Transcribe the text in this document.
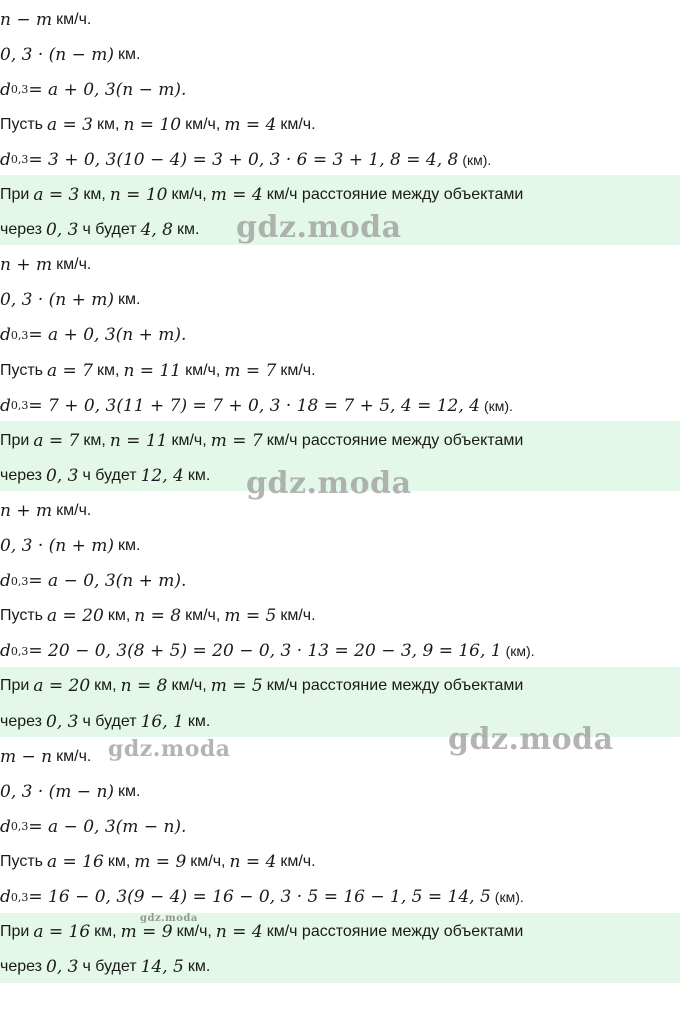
n − m км/ч.
0, 3 · (n − m) км.
d 0,3 = a + 0, 3(n − m).
Пусть a = 3 км, n = 10 км/ч, m = 4 км/ч.
d 0,3 = 3 + 0, 3(10 − 4) = 3 + 0, 3 · 6 = 3 + 1, 8 = 4, 8 (км).
При a = 3 км, n = 10 км/ч, m = 4 км/ч расстояние между объектами
через 0, 3 ч будет 4, 8 км.
n + m км/ч.
0, 3 · (n + m) км.
d 0,3 = a + 0, 3(n + m).
Пусть a = 7 км, n = 11 км/ч, m = 7 км/ч.
d 0,3 = 7 + 0, 3(11 + 7) = 7 + 0, 3 · 18 = 7 + 5, 4 = 12, 4 (км).
При a = 7 км, n = 11 км/ч, m = 7 км/ч расстояние между объектами
через 0, 3 ч будет 12, 4 км.
n + m км/ч.
0, 3 · (n + m) км.
d 0,3 = a − 0, 3(n + m).
Пусть a = 20 км, n = 8 км/ч, m = 5 км/ч.
d 0,3 = 20 − 0, 3(8 + 5) = 20 − 0, 3 · 13 = 20 − 3, 9 = 16, 1 (км).
При a = 20 км, n = 8 км/ч, m = 5 км/ч расстояние между объектами
через 0, 3 ч будет 16, 1 км.
m − n км/ч.
0, 3 · (m − n) км.
d 0,3 = a − 0, 3(m − n).
Пусть a = 16 км, m = 9 км/ч, n = 4 км/ч.
d 0,3 = 16 − 0, 3(9 − 4) = 16 − 0, 3 · 5 = 16 − 1, 5 = 14, 5 (км).
При a = 16 км, m = 9 км/ч, n = 4 км/ч расстояние между объектами
через 0, 3 ч будет 14, 5 км.
gdz.moda
gdz.moda
gdz.moda
gdz.moda
gdz.moda
